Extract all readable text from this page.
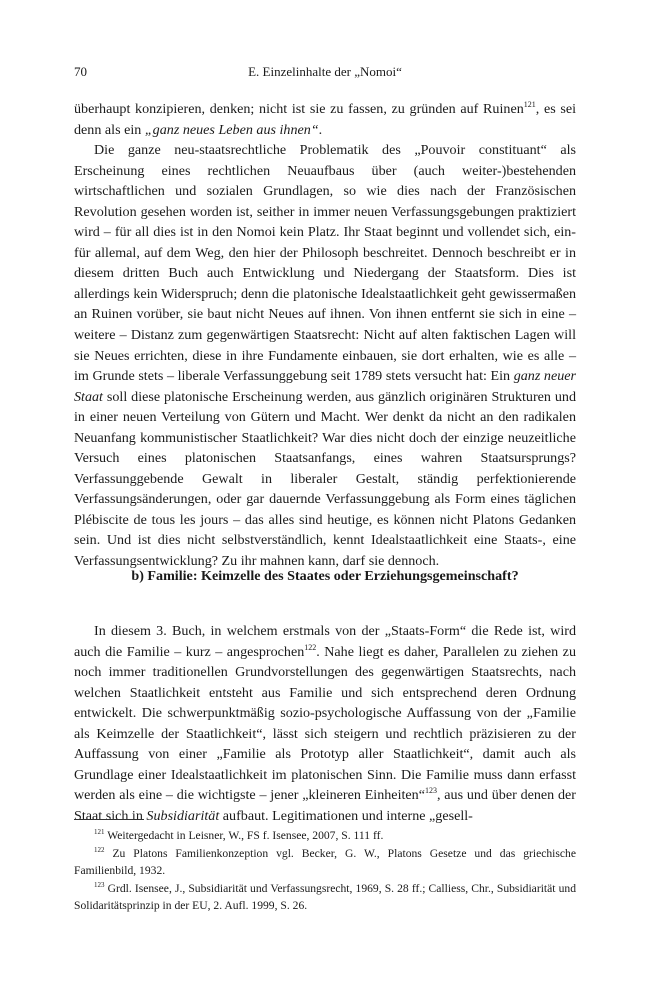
70	E. Einzelinhalte der „Nomoi“

überhaupt konzipieren, denken; nicht ist sie zu fassen, zu gründen auf Ruinen$^{121}$, es sei denn als ein „ganz neues Leben aus ihnen“.

Die ganze neu-staatsrechtliche Problematik des „Pouvoir constituant“ als Erscheinung eines rechtlichen Neuaufbaus über (auch weiter-)bestehenden wirtschaftlichen und sozialen Grundlagen, so wie dies nach der Französischen Revolution gesehen worden ist, seither in immer neuen Verfassungsgebungen praktiziert wird – für all dies ist in den Nomoi kein Platz. Ihr Staat beginnt und vollendet sich, ein- für allemal, auf dem Weg, den hier der Philosoph beschreitet. Dennoch beschreibt er in diesem dritten Buch auch Entwicklung und Niedergang der Staatsform. Dies ist allerdings kein Widerspruch; denn die platonische Idealstaatlichkeit geht gewissermaßen an Ruinen vorüber, sie baut nicht Neues auf ihnen. Von ihnen entfernt sie sich in eine – weitere – Distanz zum gegenwärtigen Staatsrecht: Nicht auf alten faktischen Lagen will sie Neues errichten, diese in ihre Fundamente einbauen, sie dort erhalten, wie es alle – im Grunde stets – liberale Verfassunggebung seit 1789 stets versucht hat: Ein ganz neuer Staat soll diese platonische Erscheinung werden, aus gänzlich originären Strukturen und in einer neuen Verteilung von Gütern und Macht. Wer denkt da nicht an den radikalen Neuanfang kommunistischer Staatlichkeit? War dies nicht doch der einzige neuzeitliche Versuch eines platonischen Staatsanfangs, eines wahren Staatsursprungs? Verfassunggebende Gewalt in liberaler Gestalt, ständig perfektionierende Verfassungsänderungen, oder gar dauernde Verfassunggebung als Form eines täglichen Plébiscite de tous les jours – das alles sind heutige, es können nicht Platons Gedanken sein. Und ist dies nicht selbstverständlich, kennt Idealstaatlichkeit eine Staats-, eine Verfassungsentwicklung? Zu ihr mahnen kann, darf sie dennoch.

b) Familie: Keimzelle des Staates oder Erziehungsgemeinschaft?

In diesem 3. Buch, in welchem erstmals von der „Staats-Form“ die Rede ist, wird auch die Familie – kurz – angesprochen$^{122}$. Nahe liegt es daher, Parallelen zu ziehen zu noch immer traditionellen Grundvorstellungen des gegenwärtigen Staatsrechts, nach welchen Staatlichkeit entsteht aus Familie und sich entsprechend deren Ordnung entwickelt. Die schwerpunktmäßig sozio-psychologische Auffassung von der „Familie als Keimzelle der Staatlichkeit“, lässt sich steigern und rechtlich präzisieren zu der Auffassung von einer „Familie als Prototyp aller Staatlichkeit“, damit auch als Grundlage einer Idealstaatlichkeit im platonischen Sinn. Die Familie muss dann erfasst werden als eine – die wichtigste – jener „kleineren Einheiten“$^{123}$, aus und über denen der Staat sich in Subsidiarität aufbaut. Legitimationen und interne „gesell-

$^{121}$ Weitergedacht in Leisner, W., FS f. Isensee, 2007, S. 111 ff.

$^{122}$ Zu Platons Familienkonzeption vgl. Becker, G. W., Platons Gesetze und das griechische Familienbild, 1932.

$^{123}$ Grdl. Isensee, J., Subsidiarität und Verfassungsrecht, 1969, S. 28 ff.; Calliess, Chr., Subsidiarität und Solidaritätsprinzip in der EU, 2. Aufl. 1999, S. 26.
